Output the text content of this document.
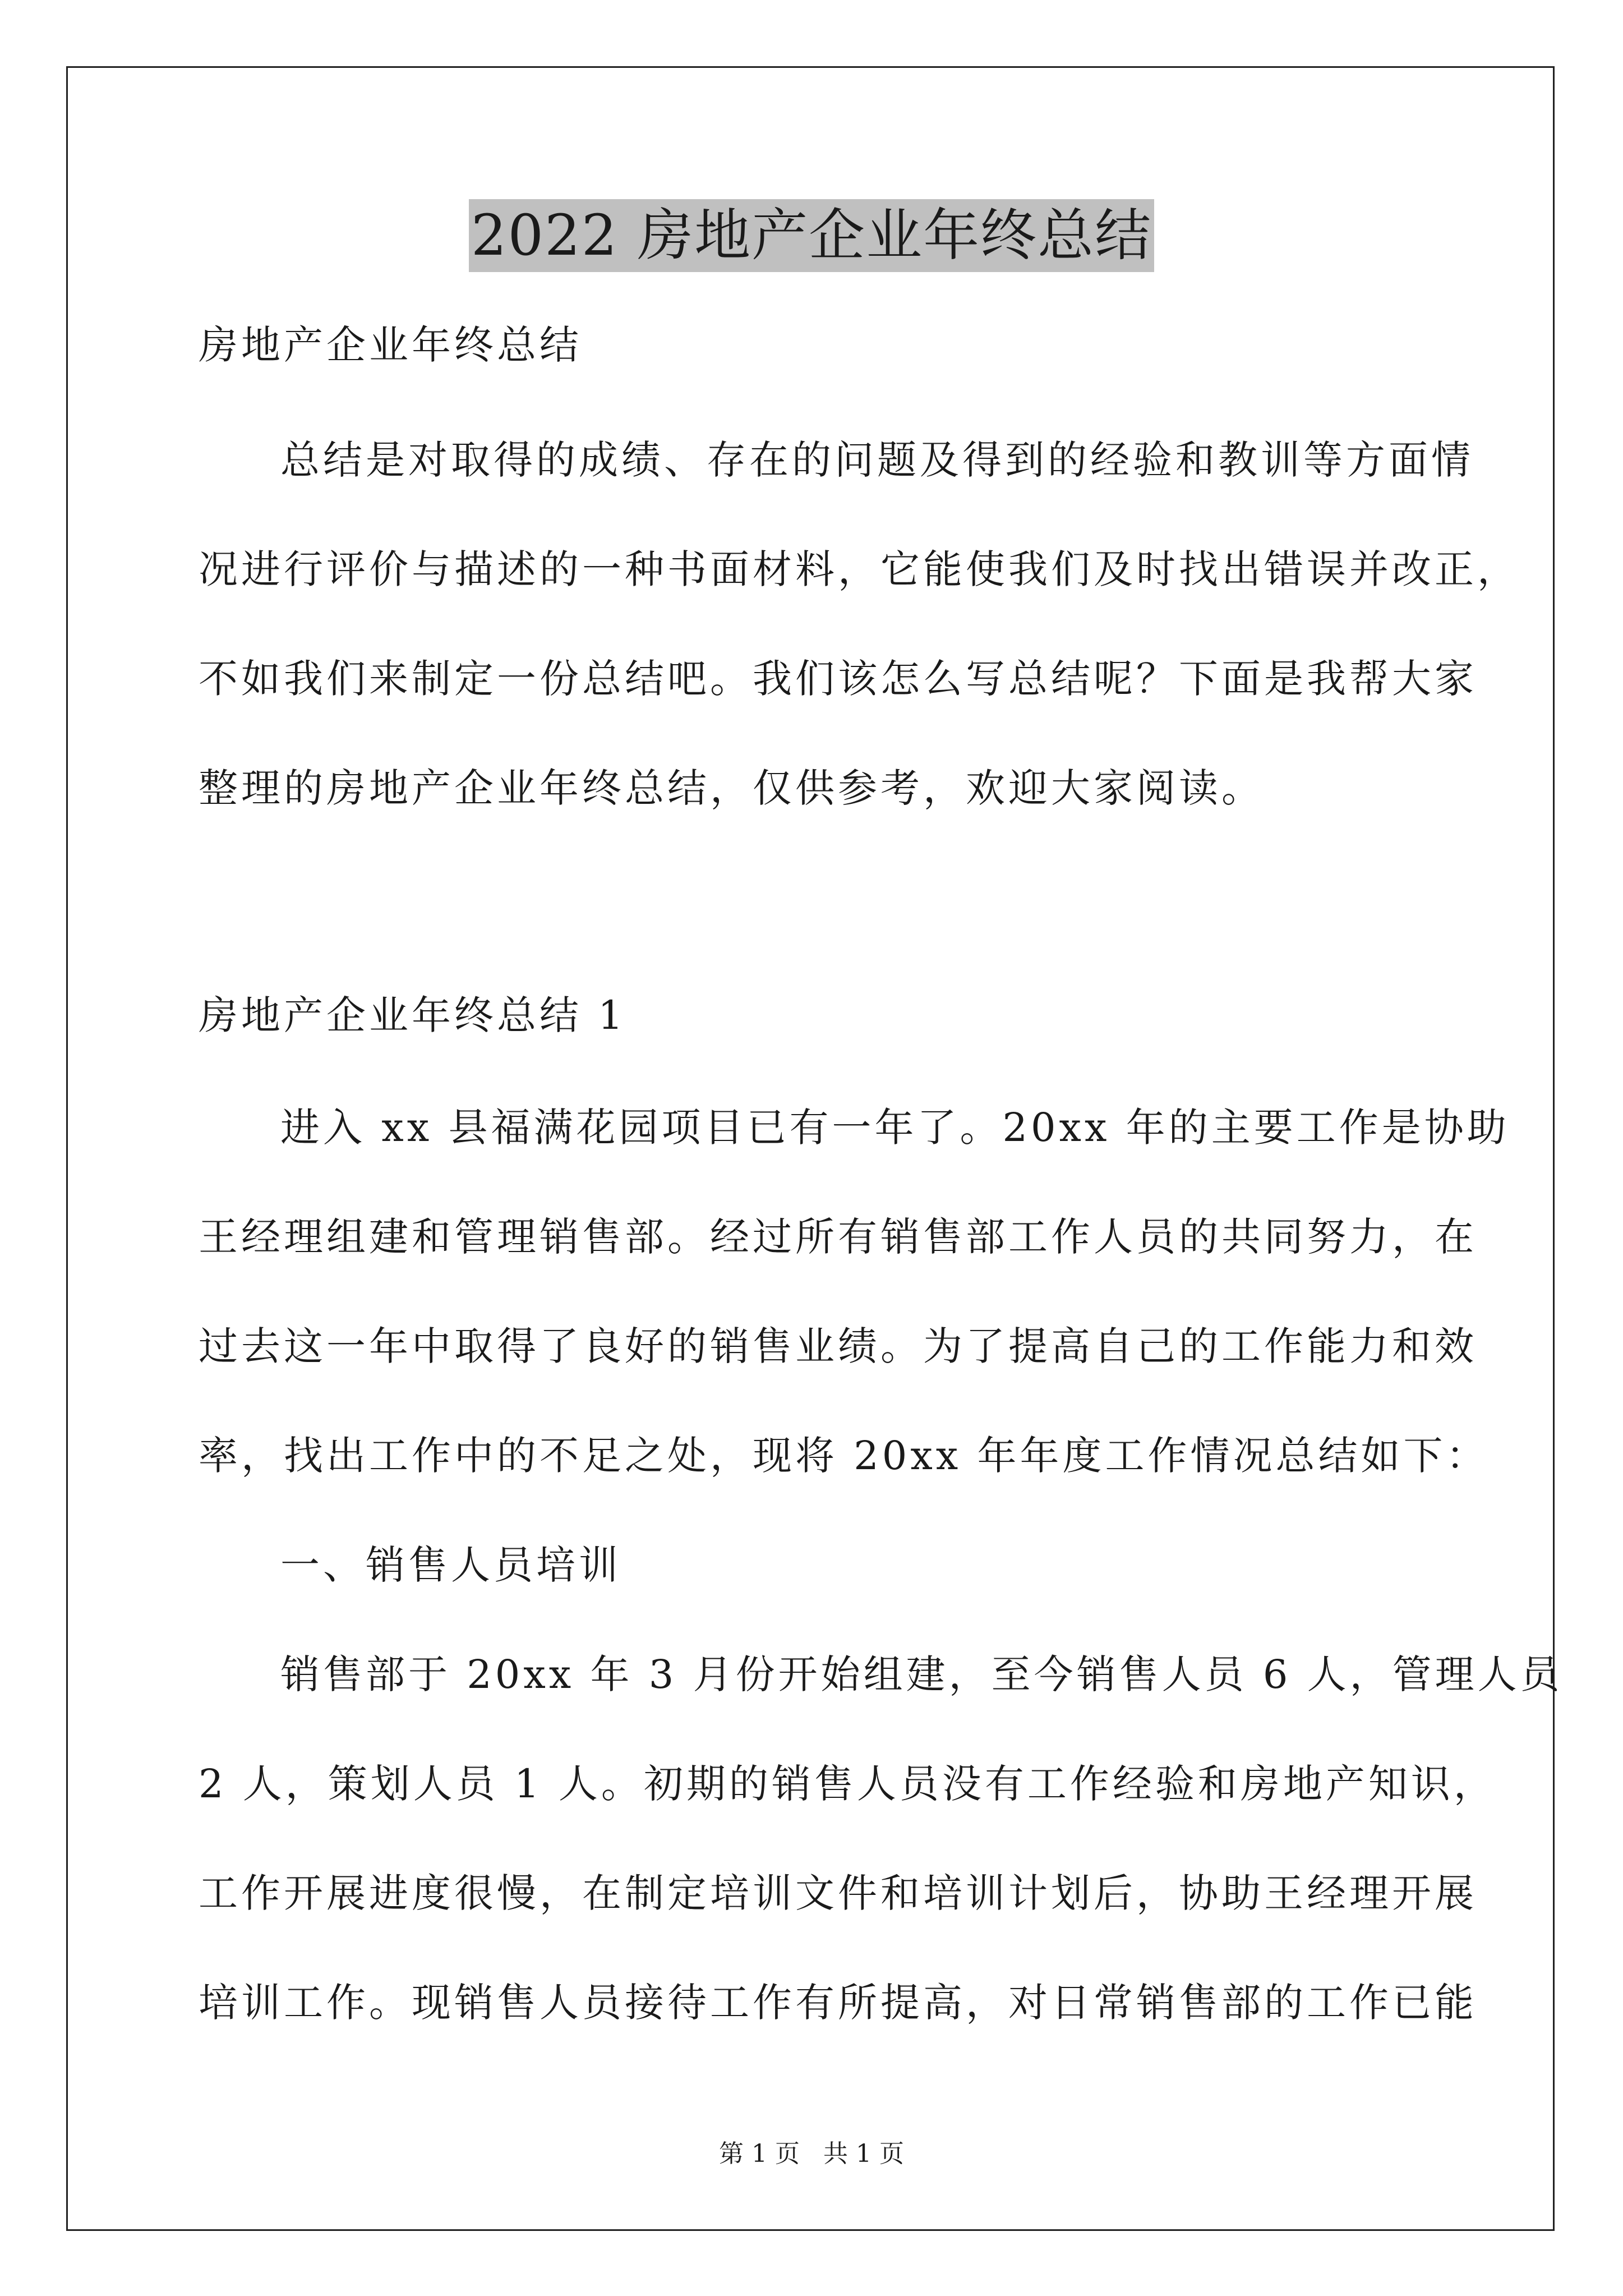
2022 房地产企业年终总结

房地产企业年终总结

总结是对取得的成绩、存在的问题及得到的经验和教训等方面情

况进行评价与描述的一种书面材料，它能使我们及时找出错误并改正，

不如我们来制定一份总结吧。我们该怎么写总结呢？下面是我帮大家

整理的房地产企业年终总结，仅供参考，欢迎大家阅读。

房地产企业年终总结 1

进入 xx 县福满花园项目已有一年了。20xx 年的主要工作是协助

王经理组建和管理销售部。经过所有销售部工作人员的共同努力，在

过去这一年中取得了良好的销售业绩。为了提高自己的工作能力和效

率，找出工作中的不足之处，现将 20xx 年年度工作情况总结如下：

一、销售人员培训

销售部于 20xx 年 3 月份开始组建，至今销售人员 6 人，管理人员

2 人，策划人员 1 人。初期的销售人员没有工作经验和房地产知识，

工作开展进度很慢，在制定培训文件和培训计划后，协助王经理开展

培训工作。现销售人员接待工作有所提高，对日常销售部的工作已能

第 1 页 共 1 页
